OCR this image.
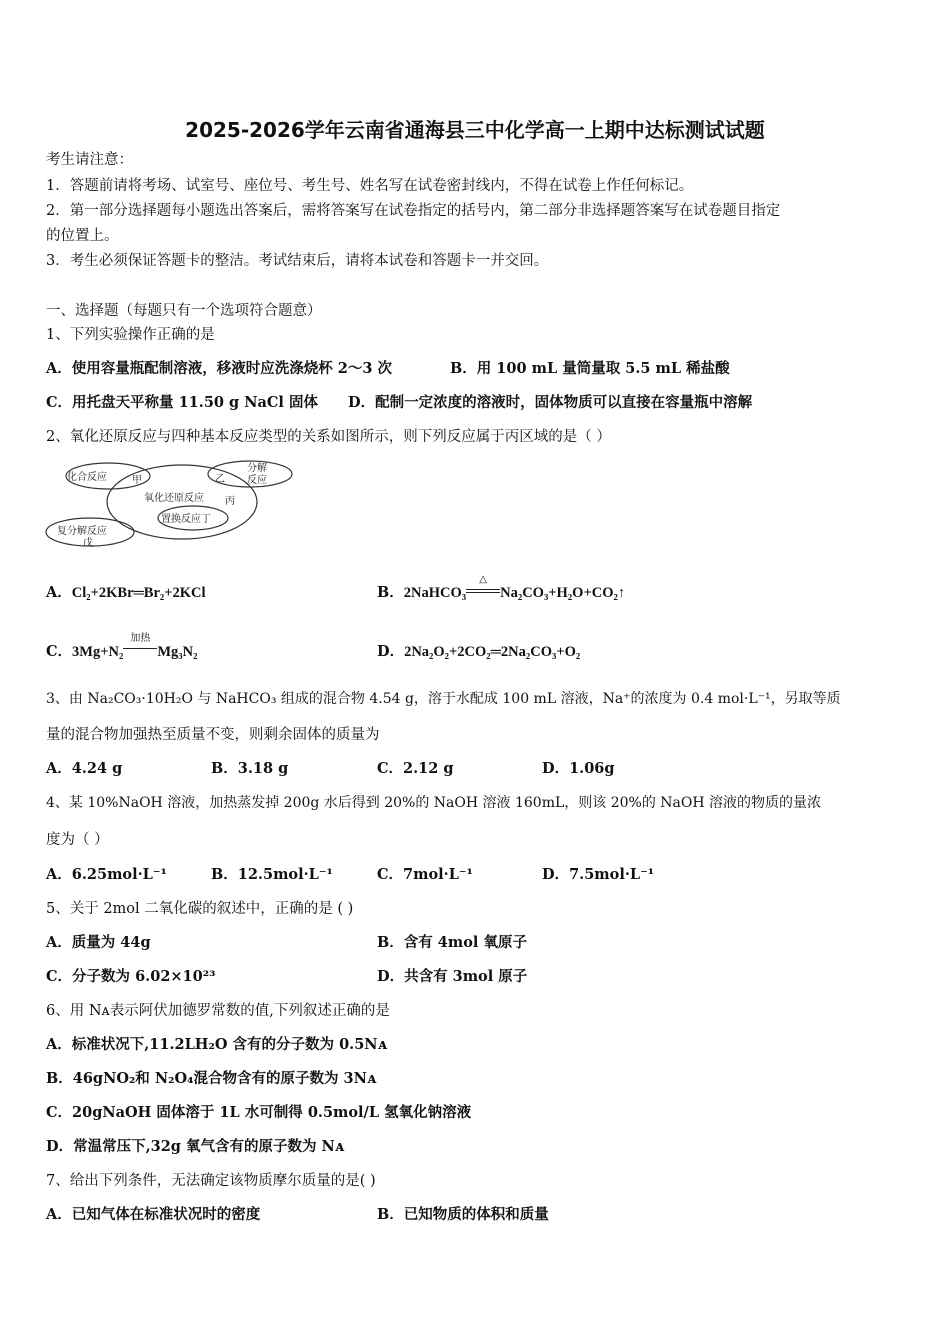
2025-2026学年云南省通海县三中化学高一上期中达标测试试题
考生请注意：
1．答题前请将考场、试室号、座位号、考生号、姓名写在试卷密封线内，不得在试卷上作任何标记。
2．第一部分选择题每小题选出答案后，需将答案写在试卷指定的括号内，第二部分非选择题答案写在试卷题目指定
的位置上。
3．考生必须保证答题卡的整洁。考试结束后，请将本试卷和答题卡一并交回。
一、选择题（每题只有一个选项符合题意）
1、下列实验操作正确的是
A．使用容量瓶配制溶液，移液时应洗涤烧杯 2～3 次	B．用 100 mL 量筒量取 5.5 mL 稀盐酸
C．用托盘天平称量 11.50 g NaCl 固体 D．配制一定浓度的溶液时，固体物质可以直接在容量瓶中溶解
2、氧化还原反应与四种基本反应类型的关系如图所示，则下列反应属于丙区域的是（ ）
化合反应	甲	乙
分解
反应
氧化还原反应 丙
置换反应丁
复分解反应
戊
A．Cl₂+2KBr═Br₂+2KCl	B．2NaHCO₃
△
Na₂CO₃+H₂O+CO₂↑
C．3Mg+N₂
加热
Mg₃N₂	D．2Na₂O₂+2CO₂═2Na₂CO₃+O₂
3、由 Na₂CO₃·10H₂O 与 NaHCO₃ 组成的混合物 4.54 g，溶于水配成 100 mL 溶液，Na⁺的浓度为 0.4 mol·L⁻¹，另取等质
量的混合物加强热至质量不变，则剩余固体的质量为
A．4.24 g	B．3.18 g	C．2.12 g	D．1.06g
4、某 10%NaOH 溶液，加热蒸发掉 200g 水后得到 20%的 NaOH 溶液 160mL，则该 20%的 NaOH 溶液的物质的量浓
度为（ ）
A．6.25mol·L⁻¹	B．12.5mol·L⁻¹	C．7mol·L⁻¹	D．7.5mol·L⁻¹
5、关于 2mol 二氧化碳的叙述中，正确的是 ( )
A．质量为 44g	B．含有 4mol 氧原子
C．分子数为 6.02×10²³	D．共含有 3mol 原子
6、用 Nᴀ表示阿伏加德罗常数的值,下列叙述正确的是
A．标准状况下,11.2LH₂O 含有的分子数为 0.5Nᴀ
B．46gNO₂和 N₂O₄混合物含有的原子数为 3Nᴀ
C．20gNaOH 固体溶于 1L 水可制得 0.5mol/L 氢氧化钠溶液
D．常温常压下,32g 氧气含有的原子数为 Nᴀ
7、给出下列条件，无法确定该物质摩尔质量的是( )
A．已知气体在标准状况时的密度	B．已知物质的体积和质量
